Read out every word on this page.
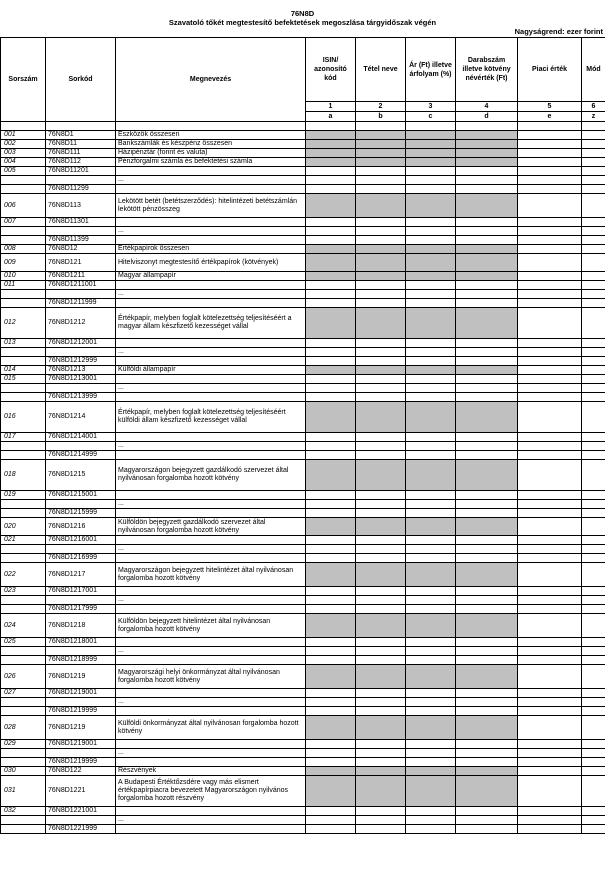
76N8D
Szavatoló tőkét megtestesítő befektetések megoszlása tárgyidőszak végén
Nagyságrend: ezer forint
Sorszám	Sorkód	Megnevezés	ISIN/ azonosító kód	Tétel neve	Ár (Ft) illetve árfolyam (%)	Darabszám illetve kötvény névérték (Ft)	Piaci érték	Mód
			1	2	3	4	5	6
			a	b	c	d	e	z

001	76N8D1	Eszközök összesen						
002	76N8D11	Bankszámlák és készpénz összesen						
003	76N8D111	Házipénztár (forint és valuta)						
004	76N8D112	Pénzforgalmi számla és befektetési számla						
005	76N8D11201							
		...						
	76N8D11299							
006	76N8D113	Lekötött betét (betétszerződés): hitelintézeti betétszámlán lekötött pénzösszeg						
007	76N8D11301							
		...						
	76N8D11399							
008	76N8D12	Értékpapírok összesen						
009	76N8D121	Hitelviszonyt megtestesítő értékpapírok (kötvények)						
010	76N8D1211	Magyar állampapír						
011	76N8D1211001							
		...						
	76N8D1211999							
012	76N8D1212	Értékpapír, melyben foglalt kötelezettség teljesítéséért a magyar állam készfizető kezességet vállal						
013	76N8D1212001							
		...						
	76N8D1212999							
014	76N8D1213	Külföldi állampapír						
015	76N8D1213001							
		...						
	76N8D1213999							
016	76N8D1214	Értékpapír, melyben foglalt kötelezettség teljesítéséért külföldi állam készfizető kezességet vállal						
017	76N8D1214001							
		...						
	76N8D1214999							
018	76N8D1215	Magyarországon bejegyzett gazdálkodó szervezet által nyilvánosan forgalomba hozott kötvény						
019	76N8D1215001							
		...						
	76N8D1215999							
020	76N8D1216	Külföldön bejegyzett gazdálkodó szervezet által nyilvánosan forgalomba hozott kötvény						
021	76N8D1216001							
		...						
	76N8D1216999							
022	76N8D1217	Magyarországon bejegyzett hitelintézet által nyilvánosan forgalomba hozott kötvény						
023	76N8D1217001							
		...						
	76N8D1217999							
024	76N8D1218	Külföldön bejegyzett hitelintézet által nyilvánosan forgalomba hozott kötvény						
025	76N8D1218001							
		...						
	76N8D1218999							
026	76N8D1219	Magyarországi helyi önkormányzat által nyilvánosan forgalomba hozott kötvény						
027	76N8D1219001							
		...						
	76N8D1219999							
028	76N8D1219	Külföldi önkormányzat által nyilvánosan forgalomba hozott kötvény						
029	76N8D1219001							
		...						
	76N8D1219999							
030	76N8D122	Részvények						
031	76N8D1221	A Budapesti Értéktőzsdére vagy más elismert értékpapírpiacra bevezetett Magyarországon nyilvános forgalomba hozott részvény						
032	76N8D1221001							
		...						
	76N8D1221999							
